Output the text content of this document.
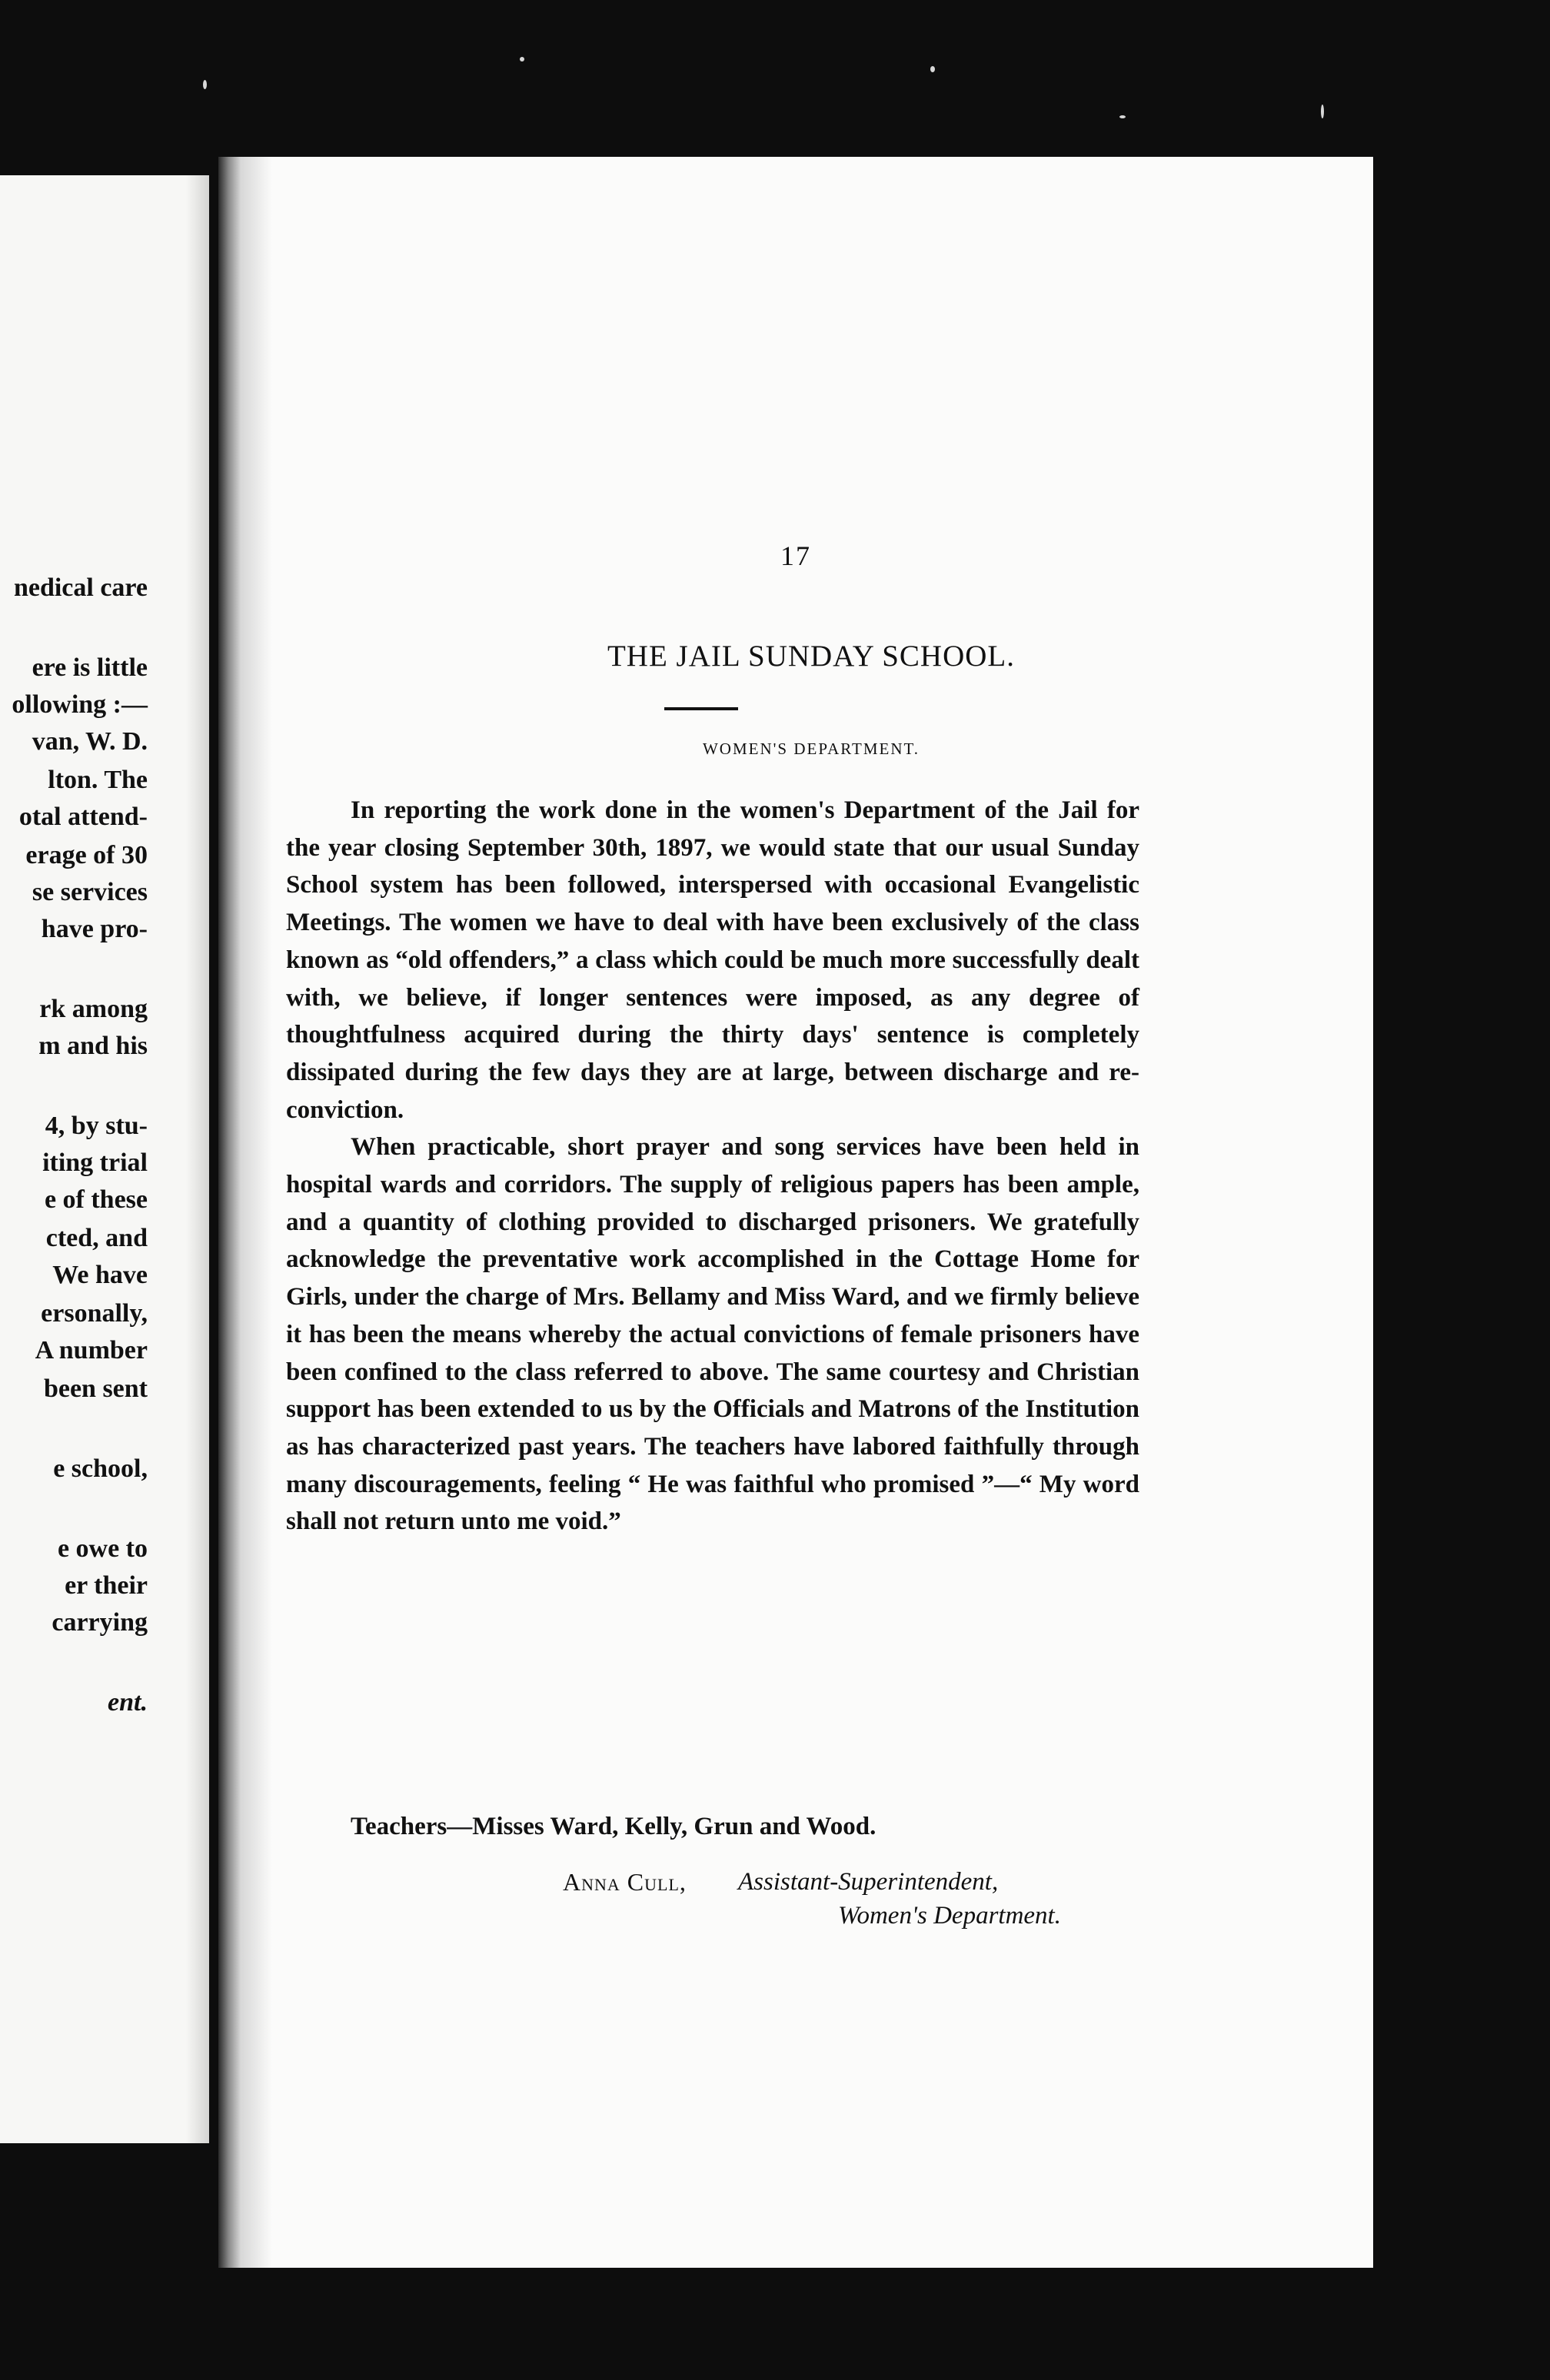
nedical care
ere is little
ollowing :—
van, W. D.
lton. The
otal attend-
erage of 30
se services
have pro-
rk among
m and his
4, by stu-
iting trial
e of these
cted, and
We have
ersonally,
A number
been sent
e school,
e owe to
er their
carrying
ent.
17
THE JAIL SUNDAY SCHOOL.
WOMEN'S DEPARTMENT.

In reporting the work done in the women's Department of the Jail for the year closing September 30th, 1897, we would state that our usual Sunday School system has been followed, interspersed with occasional Evangelistic Meetings. The women we have to deal with have been exclusively of the class known as “old offenders,” a class which could be much more successfully dealt with, we believe, if longer sentences were imposed, as any degree of thoughtfulness acquired during the thirty days' sentence is completely dissipated during the few days they are at large, between discharge and re-conviction.

When practicable, short prayer and song services have been held in hospital wards and corridors. The supply of religious papers has been ample, and a quantity of clothing provided to discharged prisoners. We gratefully acknowledge the preventative work accomplished in the Cottage Home for Girls, under the charge of Mrs. Bellamy and Miss Ward, and we firmly believe it has been the means whereby the actual convictions of female prisoners have been confined to the class referred to above. The same courtesy and Christian support has been extended to us by the Officials and Matrons of the Institution as has characterized past years. The teachers have labored faithfully through many discouragements, feeling “ He was faithful who promised ”—“ My word shall not return unto me void.”

Teachers—Misses Ward, Kelly, Grun and Wood.
Anna Cull, Assistant-Superintendent,
Women's Department.
